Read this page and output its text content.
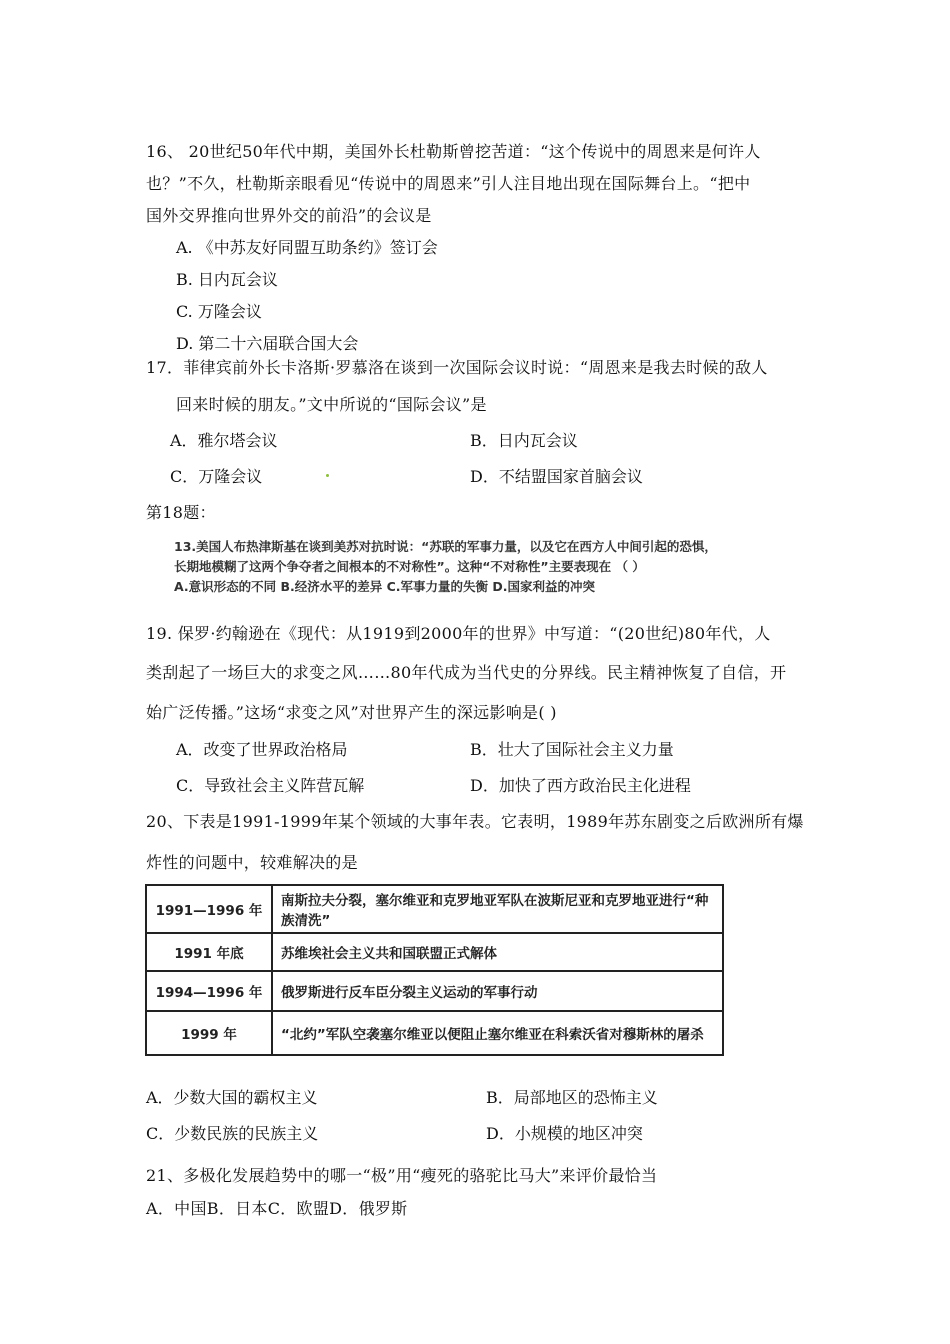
16、 20世纪50年代中期，美国外长杜勒斯曾挖苦道：“这个传说中的周恩来是何许人
也？”不久，杜勒斯亲眼看见“传说中的周恩来”引人注目地出现在国际舞台上。“把中
国外交界推向世界外交的前沿”的会议是
A. 《中苏友好同盟互助条约》签订会
B. 日内瓦会议
C. 万隆会议
D. 第二十六届联合国大会
17．菲律宾前外长卡洛斯·罗慕洛在谈到一次国际会议时说：“周恩来是我去时候的敌人
回来时候的朋友。”文中所说的“国际会议”是
A．雅尔塔会议	B．日内瓦会议
C．万隆会议	D．不结盟国家首脑会议
第18题：
13.美国人布热津斯基在谈到美苏对抗时说：“苏联的军事力量，以及它在西方人中间引起的恐惧，
长期地模糊了这两个争夺者之间根本的不对称性”。这种“不对称性”主要表现在 （ ）
A.意识形态的不同 B.经济水平的差异 C.军事力量的失衡 D.国家利益的冲突
19. 保罗·约翰逊在《现代：从1919到2000年的世界》中写道：“(20世纪)80年代，人
类刮起了一场巨大的求变之风……80年代成为当代史的分界线。民主精神恢复了自信，开
始广泛传播。”这场“求变之风”对世界产生的深远影响是( )
A．改变了世界政治格局	B．壮大了国际社会主义力量
C．导致社会主义阵营瓦解	D．加快了西方政治民主化进程
20、下表是1991-1999年某个领域的大事年表。它表明，1989年苏东剧变之后欧洲所有爆
炸性的问题中，较难解决的是
1991—1996 年	南斯拉夫分裂，塞尔维亚和克罗地亚军队在波斯尼亚和克罗地亚进行“种族清洗”
1991 年底	苏维埃社会主义共和国联盟正式解体
1994—1996 年	俄罗斯进行反车臣分裂主义运动的军事行动
1999 年	“北约”军队空袭塞尔维亚以便阻止塞尔维亚在科索沃省对穆斯林的屠杀
A．少数大国的霸权主义	B．局部地区的恐怖主义
C．少数民族的民族主义	D．小规模的地区冲突
21、多极化发展趋势中的哪一“极”用“瘦死的骆驼比马大”来评价最恰当
A．中国B．日本C．欧盟D．俄罗斯
